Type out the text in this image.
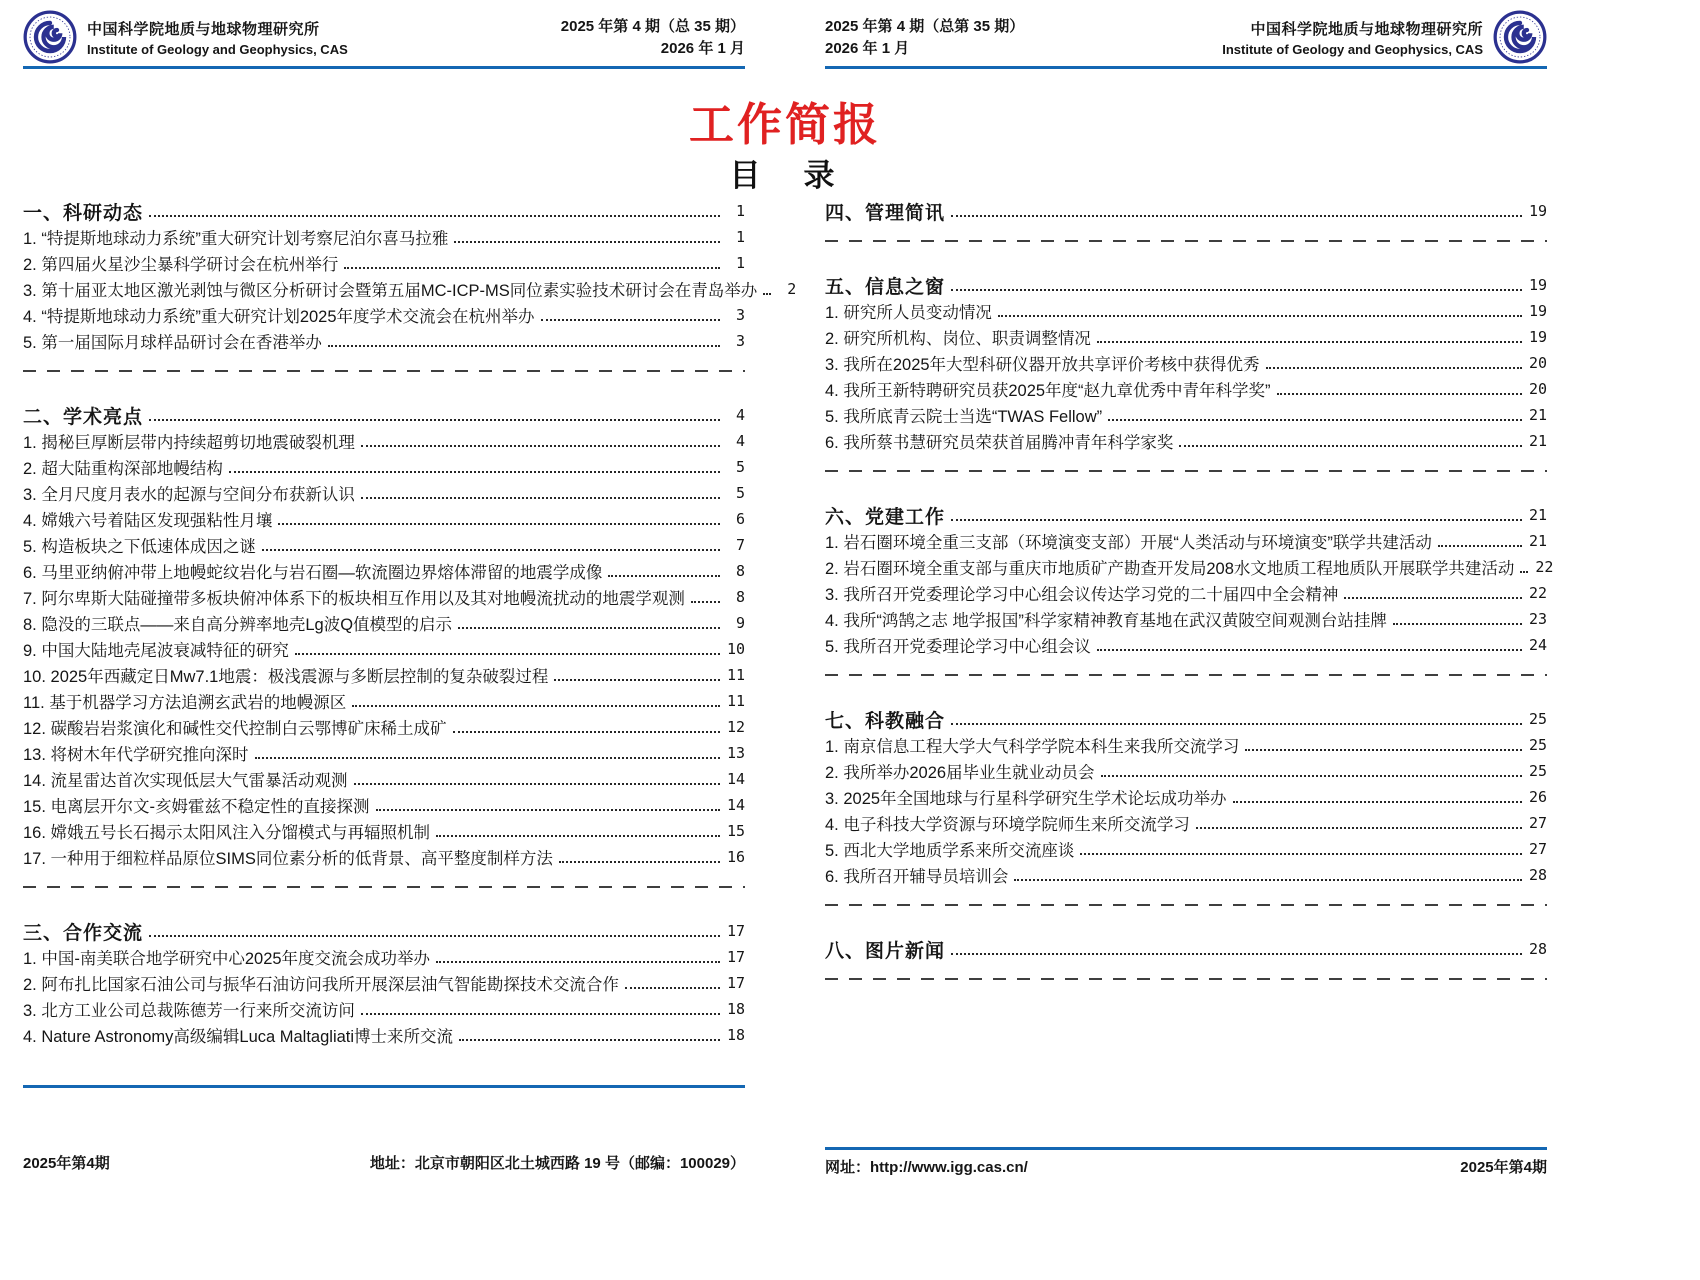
中国科学院地质与地球物理研究所
Institute of Geology and Geophysics, CAS
2025 年第 4 期（总 35 期）
2026 年 1 月
2025 年第 4 期（总第 35 期）
2026 年 1 月
中国科学院地质与地球物理研究所
Institute of Geology and Geophysics, CAS
工作简报
目　录
一、科研动态	1
1. “特提斯地球动力系统”重大研究计划考察尼泊尔喜马拉雅	1
2. 第四届火星沙尘暴科学研讨会在杭州举行	1
3. 第十届亚太地区激光剥蚀与微区分析研讨会暨第五届MC-ICP-MS同位素实验技术研讨会在青岛举办	2
4. “特提斯地球动力系统”重大研究计划2025年度学术交流会在杭州举办	3
5. 第一届国际月球样品研讨会在香港举办	3
二、学术亮点	4
1. 揭秘巨厚断层带内持续超剪切地震破裂机理	4
2. 超大陆重构深部地幔结构	5
3. 全月尺度月表水的起源与空间分布获新认识	5
4. 嫦娥六号着陆区发现强粘性月壤	6
5. 构造板块之下低速体成因之谜	7
6. 马里亚纳俯冲带上地幔蛇纹岩化与岩石圈—软流圈边界熔体滞留的地震学成像	8
7. 阿尔卑斯大陆碰撞带多板块俯冲体系下的板块相互作用以及其对地幔流扰动的地震学观测	8
8. 隐没的三联点——来自高分辨率地壳Lg波Q值模型的启示	9
9. 中国大陆地壳尾波衰减特征的研究	10
10. 2025年西藏定日Mw7.1地震：极浅震源与多断层控制的复杂破裂过程	11
11. 基于机器学习方法追溯玄武岩的地幔源区	11
12. 碳酸岩岩浆演化和碱性交代控制白云鄂博矿床稀土成矿	12
13. 将树木年代学研究推向深时	13
14. 流星雷达首次实现低层大气雷暴活动观测	14
15. 电离层开尔文-亥姆霍兹不稳定性的直接探测	14
16. 嫦娥五号长石揭示太阳风注入分馏模式与再辐照机制	15
17. 一种用于细粒样品原位SIMS同位素分析的低背景、高平整度制样方法	16
三、合作交流	17
1. 中国-南美联合地学研究中心2025年度交流会成功举办	17
2. 阿布扎比国家石油公司与振华石油访问我所开展深层油气智能勘探技术交流合作	17
3. 北方工业公司总裁陈德芳一行来所交流访问	18
4. Nature Astronomy高级编辑Luca Maltagliati博士来所交流	18
四、管理简讯	19
五、信息之窗	19
1. 研究所人员变动情况	19
2. 研究所机构、岗位、职责调整情况	19
3. 我所在2025年大型科研仪器开放共享评价考核中获得优秀	20
4. 我所王新特聘研究员获2025年度“赵九章优秀中青年科学奖”	20
5. 我所底青云院士当选“TWAS Fellow”	21
6. 我所蔡书慧研究员荣获首届腾冲青年科学家奖	21
六、党建工作	21
1. 岩石圈环境全重三支部（环境演变支部）开展“人类活动与环境演变”联学共建活动	21
2. 岩石圈环境全重支部与重庆市地质矿产勘查开发局208水文地质工程地质队开展联学共建活动 22
3. 我所召开党委理论学习中心组会议传达学习党的二十届四中全会精神	22
4. 我所“鸿鹄之志 地学报国”科学家精神教育基地在武汉黄陂空间观测台站挂牌	23
5. 我所召开党委理论学习中心组会议	24
七、科教融合	25
1. 南京信息工程大学大气科学学院本科生来我所交流学习	25
2. 我所举办2026届毕业生就业动员会	25
3. 2025年全国地球与行星科学研究生学术论坛成功举办	26
4. 电子科技大学资源与环境学院师生来所交流学习	27
5. 西北大学地质学系来所交流座谈	27
6. 我所召开辅导员培训会	28
八、图片新闻	28
2025年第4期	地址：北京市朝阳区北土城西路 19 号（邮编：100029）	网址：http://www.igg.cas.cn/	2025年第4期
